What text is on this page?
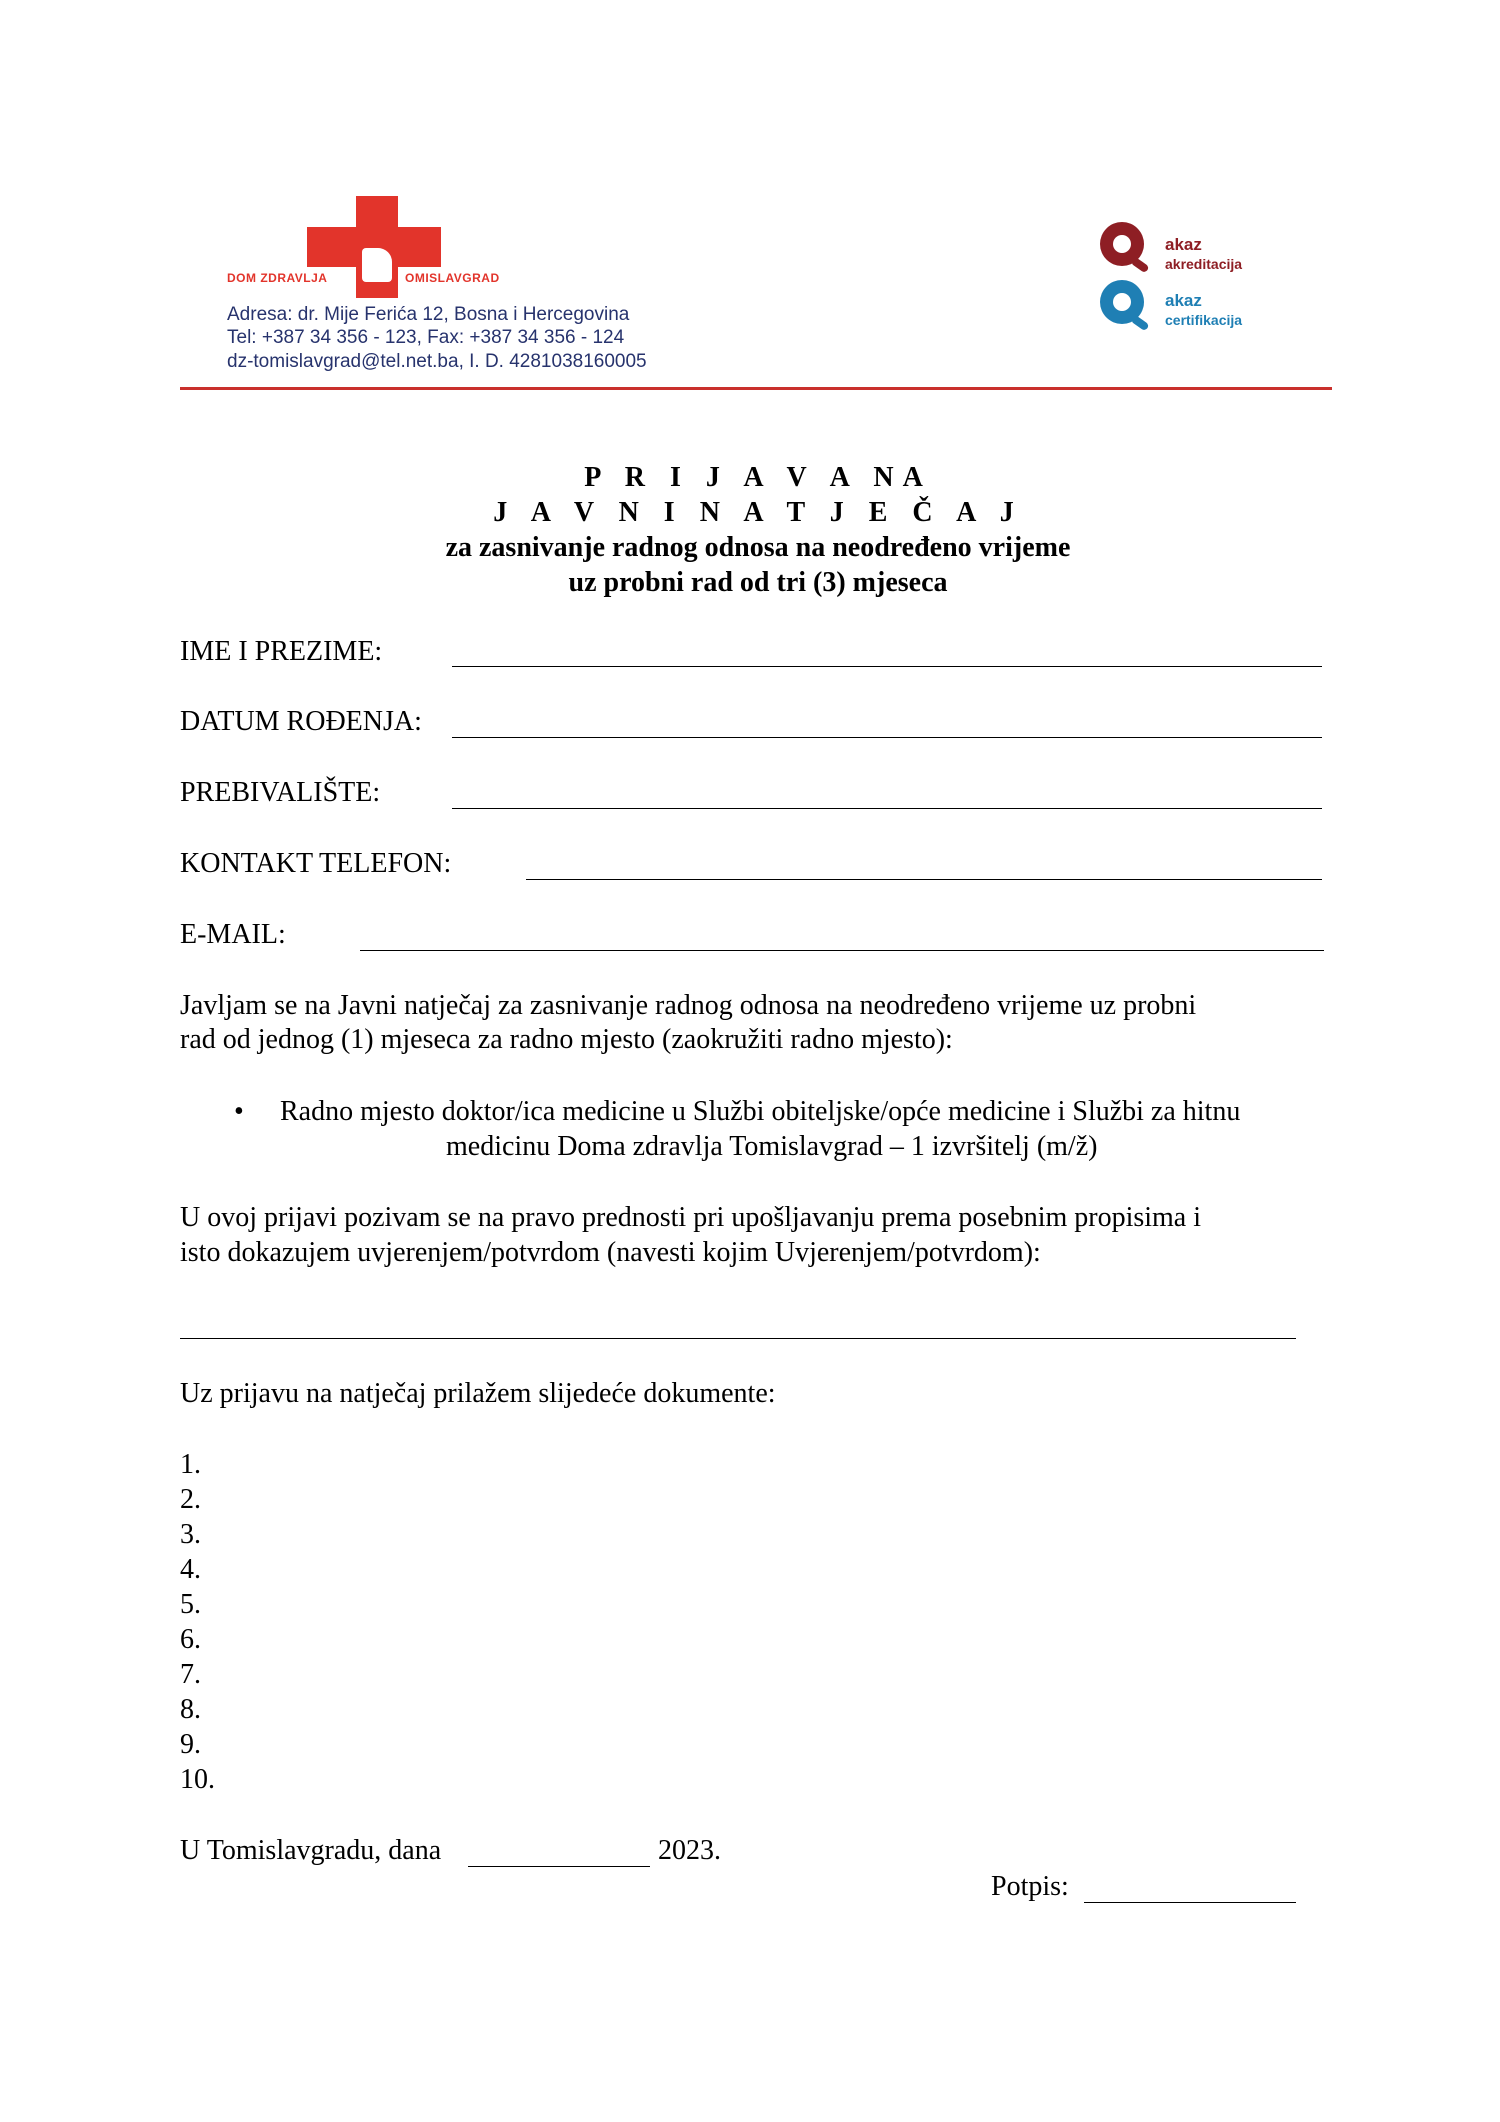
DOM ZDRAVLJA	OMISLAVGRAD
Adresa: dr. Mije Ferića 12, Bosna i Hercegovina
Tel: +387 34 356 - 123, Fax: +387 34 356 - 124
dz-tomislavgrad@tel.net.ba, I. D. 4281038160005
akaz
akreditacija
akaz
certifikacija
P R I J A V A NA
J A V N I N A T J E Č A J
za zasnivanje radnog odnosa na neodređeno vrijeme
uz probni rad od tri (3) mjeseca
IME I PREZIME:
DATUM ROĐENJA:
PREBIVALIŠTE:
KONTAKT TELEFON:
E-MAIL:
Javljam se na Javni natječaj za zasnivanje radnog odnosa na neodređeno vrijeme uz probni
rad od jednog (1) mjeseca za radno mjesto (zaokružiti radno mjesto):
• Radno mjesto doktor/ica medicine u Službi obiteljske/opće medicine i Službi za hitnu
medicinu Doma zdravlja Tomislavgrad – 1 izvršitelj (m/ž)
U ovoj prijavi pozivam se na pravo prednosti pri upošljavanju prema posebnim propisima i
isto dokazujem uvjerenjem/potvrdom (navesti kojim Uvjerenjem/potvrdom):
Uz prijavu na natječaj prilažem slijedeće dokumente:
1.
2.
3.
4.
5.
6.
7.
8.
9.
10.
U Tomislavgradu, dana	2023.
Potpis:
